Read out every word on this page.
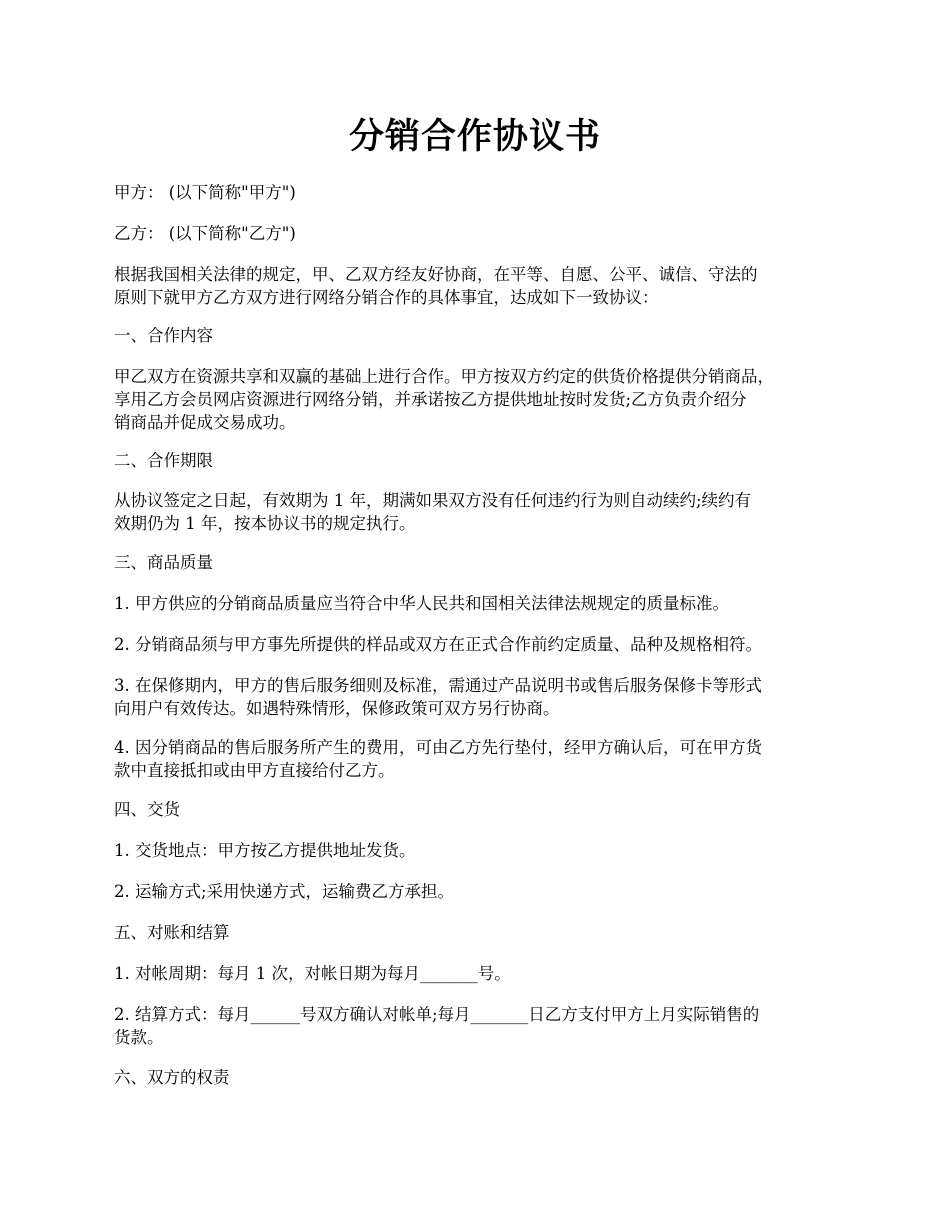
分销合作协议书

甲方： (以下简称"甲方")

乙方： (以下简称"乙方")

根据我国相关法律的规定，甲、乙双方经友好协商，在平等、自愿、公平、诚信、守法的
原则下就甲方乙方双方进行网络分销合作的具体事宜，达成如下一致协议：

一、合作内容

甲乙双方在资源共享和双赢的基础上进行合作。甲方按双方约定的供货价格提供分销商品，
享用乙方会员网店资源进行网络分销，并承诺按乙方提供地址按时发货;乙方负责介绍分
销商品并促成交易成功。

二、合作期限

从协议签定之日起，有效期为 1 年，期满如果双方没有任何违约行为则自动续约;续约有
效期仍为 1 年，按本协议书的规定执行。

三、商品质量

1. 甲方供应的分销商品质量应当符合中华人民共和国相关法律法规规定的质量标准。

2. 分销商品须与甲方事先所提供的样品或双方在正式合作前约定质量、品种及规格相符。

3. 在保修期内，甲方的售后服务细则及标准，需通过产品说明书或售后服务保修卡等形式
向用户有效传达。如遇特殊情形，保修政策可双方另行协商。

4. 因分销商品的售后服务所产生的费用，可由乙方先行垫付，经甲方确认后，可在甲方货
款中直接抵扣或由甲方直接给付乙方。

四、交货

1. 交货地点：甲方按乙方提供地址发货。

2. 运输方式;采用快递方式，运输费乙方承担。

五、对账和结算

1. 对帐周期：每月 1 次，对帐日期为每月_______号。

2. 结算方式：每月______号双方确认对帐单;每月_______日乙方支付甲方上月实际销售的
货款。

六、双方的权责
